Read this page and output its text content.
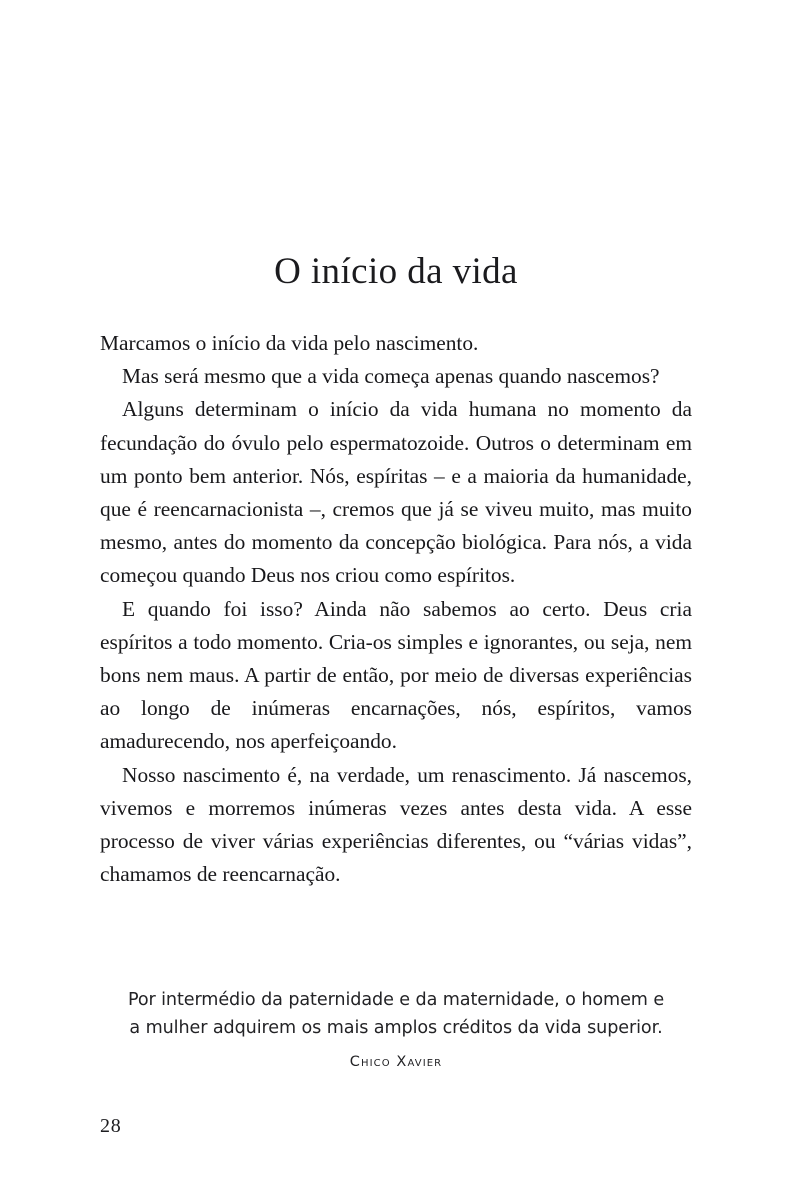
O início da vida

Marcamos o início da vida pelo nascimento.

Mas será mesmo que a vida começa apenas quando nascemos?

Alguns determinam o início da vida humana no momento da fecundação do óvulo pelo espermatozoide. Outros o determinam em um ponto bem anterior. Nós, espíritas – e a maioria da humanidade, que é reencarnacionista –, cremos que já se viveu muito, mas muito mesmo, antes do momento da concepção biológica. Para nós, a vida começou quando Deus nos criou como espíritos.

E quando foi isso? Ainda não sabemos ao certo. Deus cria espíritos a todo momento. Cria-os simples e ignorantes, ou seja, nem bons nem maus. A partir de então, por meio de diversas experiências ao longo de inúmeras encarnações, nós, espíritos, vamos amadurecendo, nos aperfeiçoando.

Nosso nascimento é, na verdade, um renascimento. Já nascemos, vivemos e morremos inúmeras vezes antes desta vida. A esse processo de viver várias experiências diferentes, ou “várias vidas”, chamamos de reencarnação.

Por intermédio da paternidade e da maternidade, o homem e
a mulher adquirem os mais amplos créditos da vida superior.
Chico Xavier
28
